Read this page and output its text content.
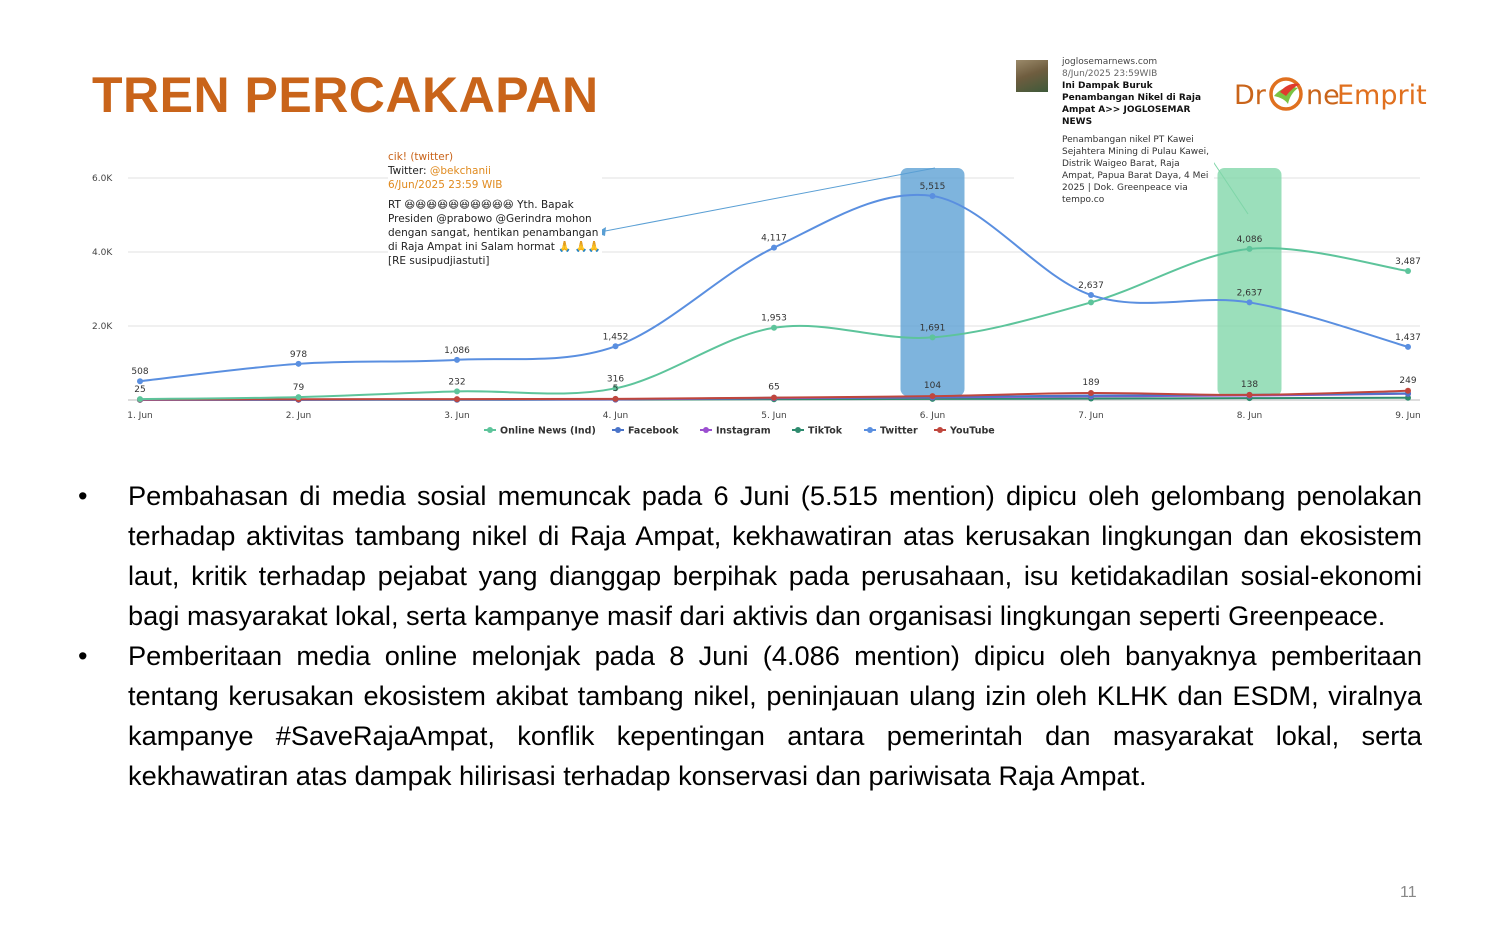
TREN PERCAKAPAN	Dr ne
Emprit
2.0K
4.0K
6.0K
508
978	1,086
1,452
4,117
5,515
2,637
2,637
1,437
25	79
232	316
1,953
1,691
4,086
3,487
5	65	104	189	138	249
1. Jun	2. Jun	3. Jun	4. Jun	5. Jun	6. Jun	7. Jun	8. Jun	9. Jun
Online News (Ind)	Facebook	Instagram	TikTok	Twitter	YouTube

cik! (twitter)

Twitter: @bekchanii

6/Jun/2025 23:59 WIB

RT 😆😆😆😆😆😆😆😆😆😆 Yth. Bapak Presiden @prabowo @Gerindra mohon dengan sangat, hentikan penambangan di Raja Ampat ini Salam hormat 🙏 🙏🙏 [RE susipudjiastuti]

joglosemarnews.com
8/Jun/2025 23:59WIB
Ini Dampak Buruk Penambangan Nikel di Raja Ampat A>> JOGLOSEMAR NEWS
Penambangan nikel PT Kawei Sejahtera Mining di Pulau Kawei, Distrik Waigeo Barat, Raja Ampat, Papua Barat Daya, 4 Mei 2025 | Dok. Greenpeace via tempo.co
• Pembahasan di media sosial memuncak pada 6 Juni (5.515 mention) dipicu oleh gelombang penolakan terhadap aktivitas tambang nikel di Raja Ampat, kekhawatiran atas kerusakan lingkungan dan ekosistem laut, kritik terhadap pejabat yang dianggap berpihak pada perusahaan, isu ketidakadilan sosial-ekonomi bagi masyarakat lokal, serta kampanye masif dari aktivis dan organisasi lingkungan seperti Greenpeace.
• Pemberitaan media online melonjak pada 8 Juni (4.086 mention) dipicu oleh banyaknya pemberitaan tentang kerusakan ekosistem akibat tambang nikel, peninjauan ulang izin oleh KLHK dan ESDM, viralnya kampanye #SaveRajaAmpat, konflik kepentingan antara pemerintah dan masyarakat lokal, serta kekhawatiran atas dampak hilirisasi terhadap konservasi dan pariwisata Raja Ampat.
11
